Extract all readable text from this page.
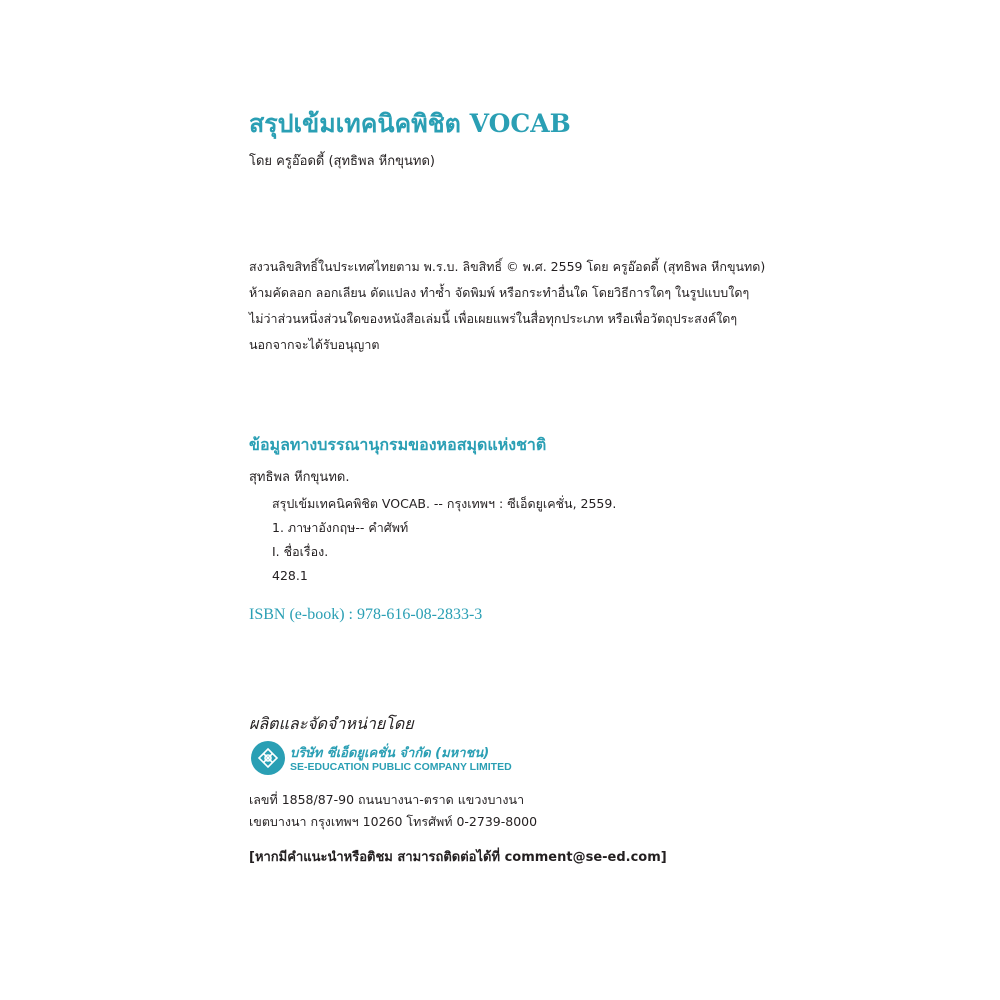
สรุปเข้มเทคนิคพิชิต VOCAB
โดย ครูอ๊อดดี้ (สุทธิพล หีกขุนทด)
สงวนลิขสิทธิ์ในประเทศไทยตาม พ.ร.บ. ลิขสิทธิ์ © พ.ศ. 2559 โดย ครูอ๊อดดี้ (สุทธิพล หีกขุนทด)
ห้ามคัดลอก ลอกเลียน ดัดแปลง ทำซ้ำ จัดพิมพ์ หรือกระทำอื่นใด โดยวิธีการใดๆ ในรูปแบบใดๆ
ไม่ว่าส่วนหนึ่งส่วนใดของหนังสือเล่มนี้ เพื่อเผยแพร่ในสื่อทุกประเภท หรือเพื่อวัตถุประสงค์ใดๆ
นอกจากจะได้รับอนุญาต
ข้อมูลทางบรรณานุกรมของหอสมุดแห่งชาติ
สุทธิพล หีกขุนทด.
สรุปเข้มเทคนิคพิชิต VOCAB. -- กรุงเทพฯ : ซีเอ็ดยูเคชั่น, 2559.
1. ภาษาอังกฤษ-- คำศัพท์
I. ชื่อเรื่อง.
428.1
ISBN (e-book) : 978-616-08-2833-3
ผลิตและจัดจำหน่ายโดย
บริษัท ซีเอ็ดยูเคชั่น จำกัด (มหาชน)
SE-EDUCATION PUBLIC COMPANY LIMITED
เลขที่ 1858/87-90 ถนนบางนา-ตราด แขวงบางนา
เขตบางนา กรุงเทพฯ 10260 โทรศัพท์ 0-2739-8000
[หากมีคำแนะนำหรือติชม สามารถติดต่อได้ที่ comment@se-ed.com]
